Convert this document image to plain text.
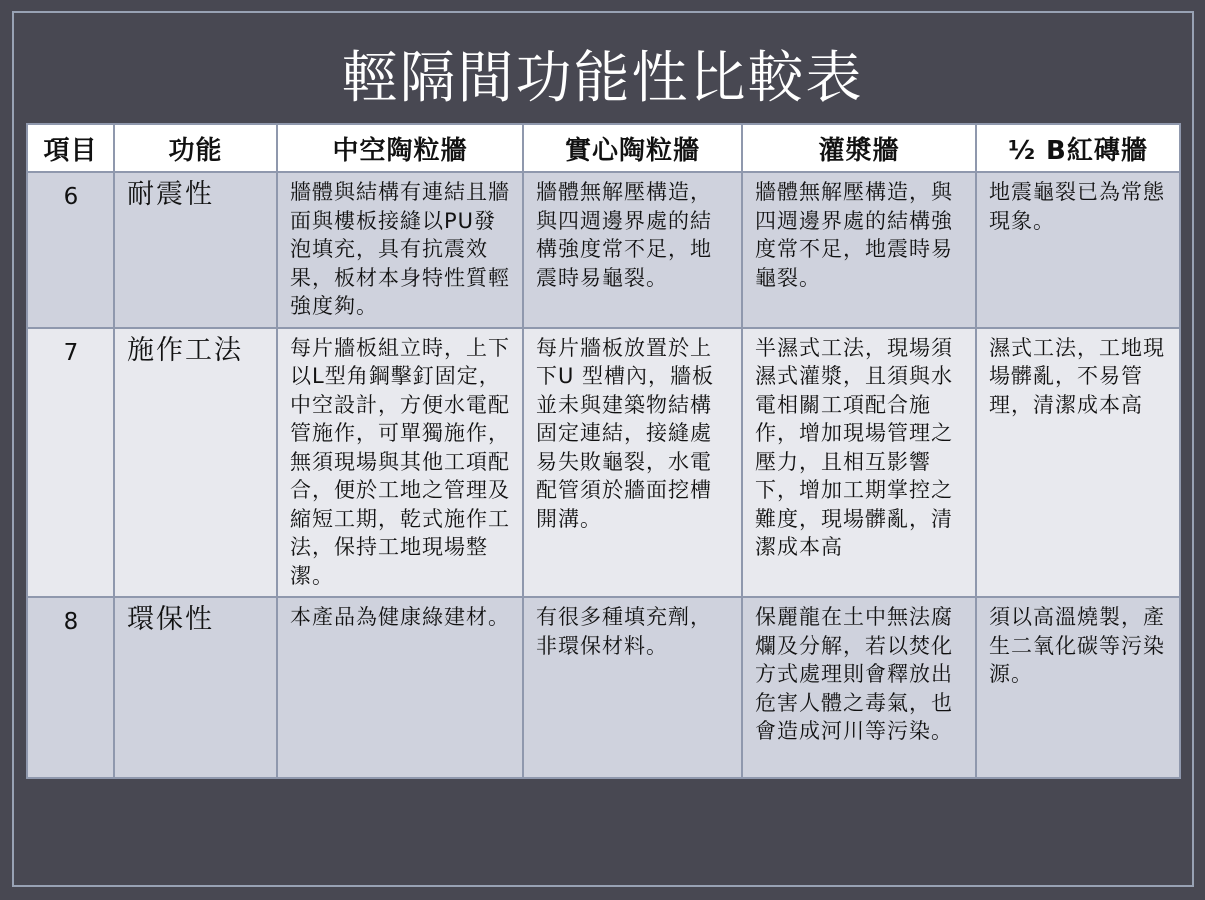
輕隔間功能性比較表
項目	功能	中空陶粒牆	實心陶粒牆	灌漿牆	½ B紅磚牆
6	耐震性	牆體與結構有連結且牆面與樓板接縫以PU發泡填充，具有抗震效果，板材本身特性質輕強度夠。	牆體無解壓構造，與四週邊界處的結構強度常不足，地震時易龜裂。	牆體無解壓構造，與四週邊界處的結構強度常不足，地震時易龜裂。	地震龜裂已為常態現象。
7	施作工法	每片牆板組立時，上下以L型角鋼擊釘固定，中空設計，方便水電配管施作，可單獨施作，無須現場與其他工項配合，便於工地之管理及縮短工期，乾式施作工法，保持工地現場整潔。	每片牆板放置於上下U 型槽內，牆板並未與建築物結構固定連結，接縫處易失敗龜裂，水電配管須於牆面挖槽開溝。	半濕式工法，現場須濕式灌漿，且須與水電相關工項配合施作，增加現場管理之壓力，且相互影響下，增加工期掌控之難度，現場髒亂，清潔成本高	濕式工法，工地現場髒亂，不易管理，清潔成本高
8	環保性	本產品為健康綠建材。	有很多種填充劑，非環保材料。	保麗龍在土中無法腐爛及分解，若以焚化方式處理則會釋放出危害人體之毒氣，也會造成河川等污染。	須以高溫燒製，產生二氧化碳等污染源。
